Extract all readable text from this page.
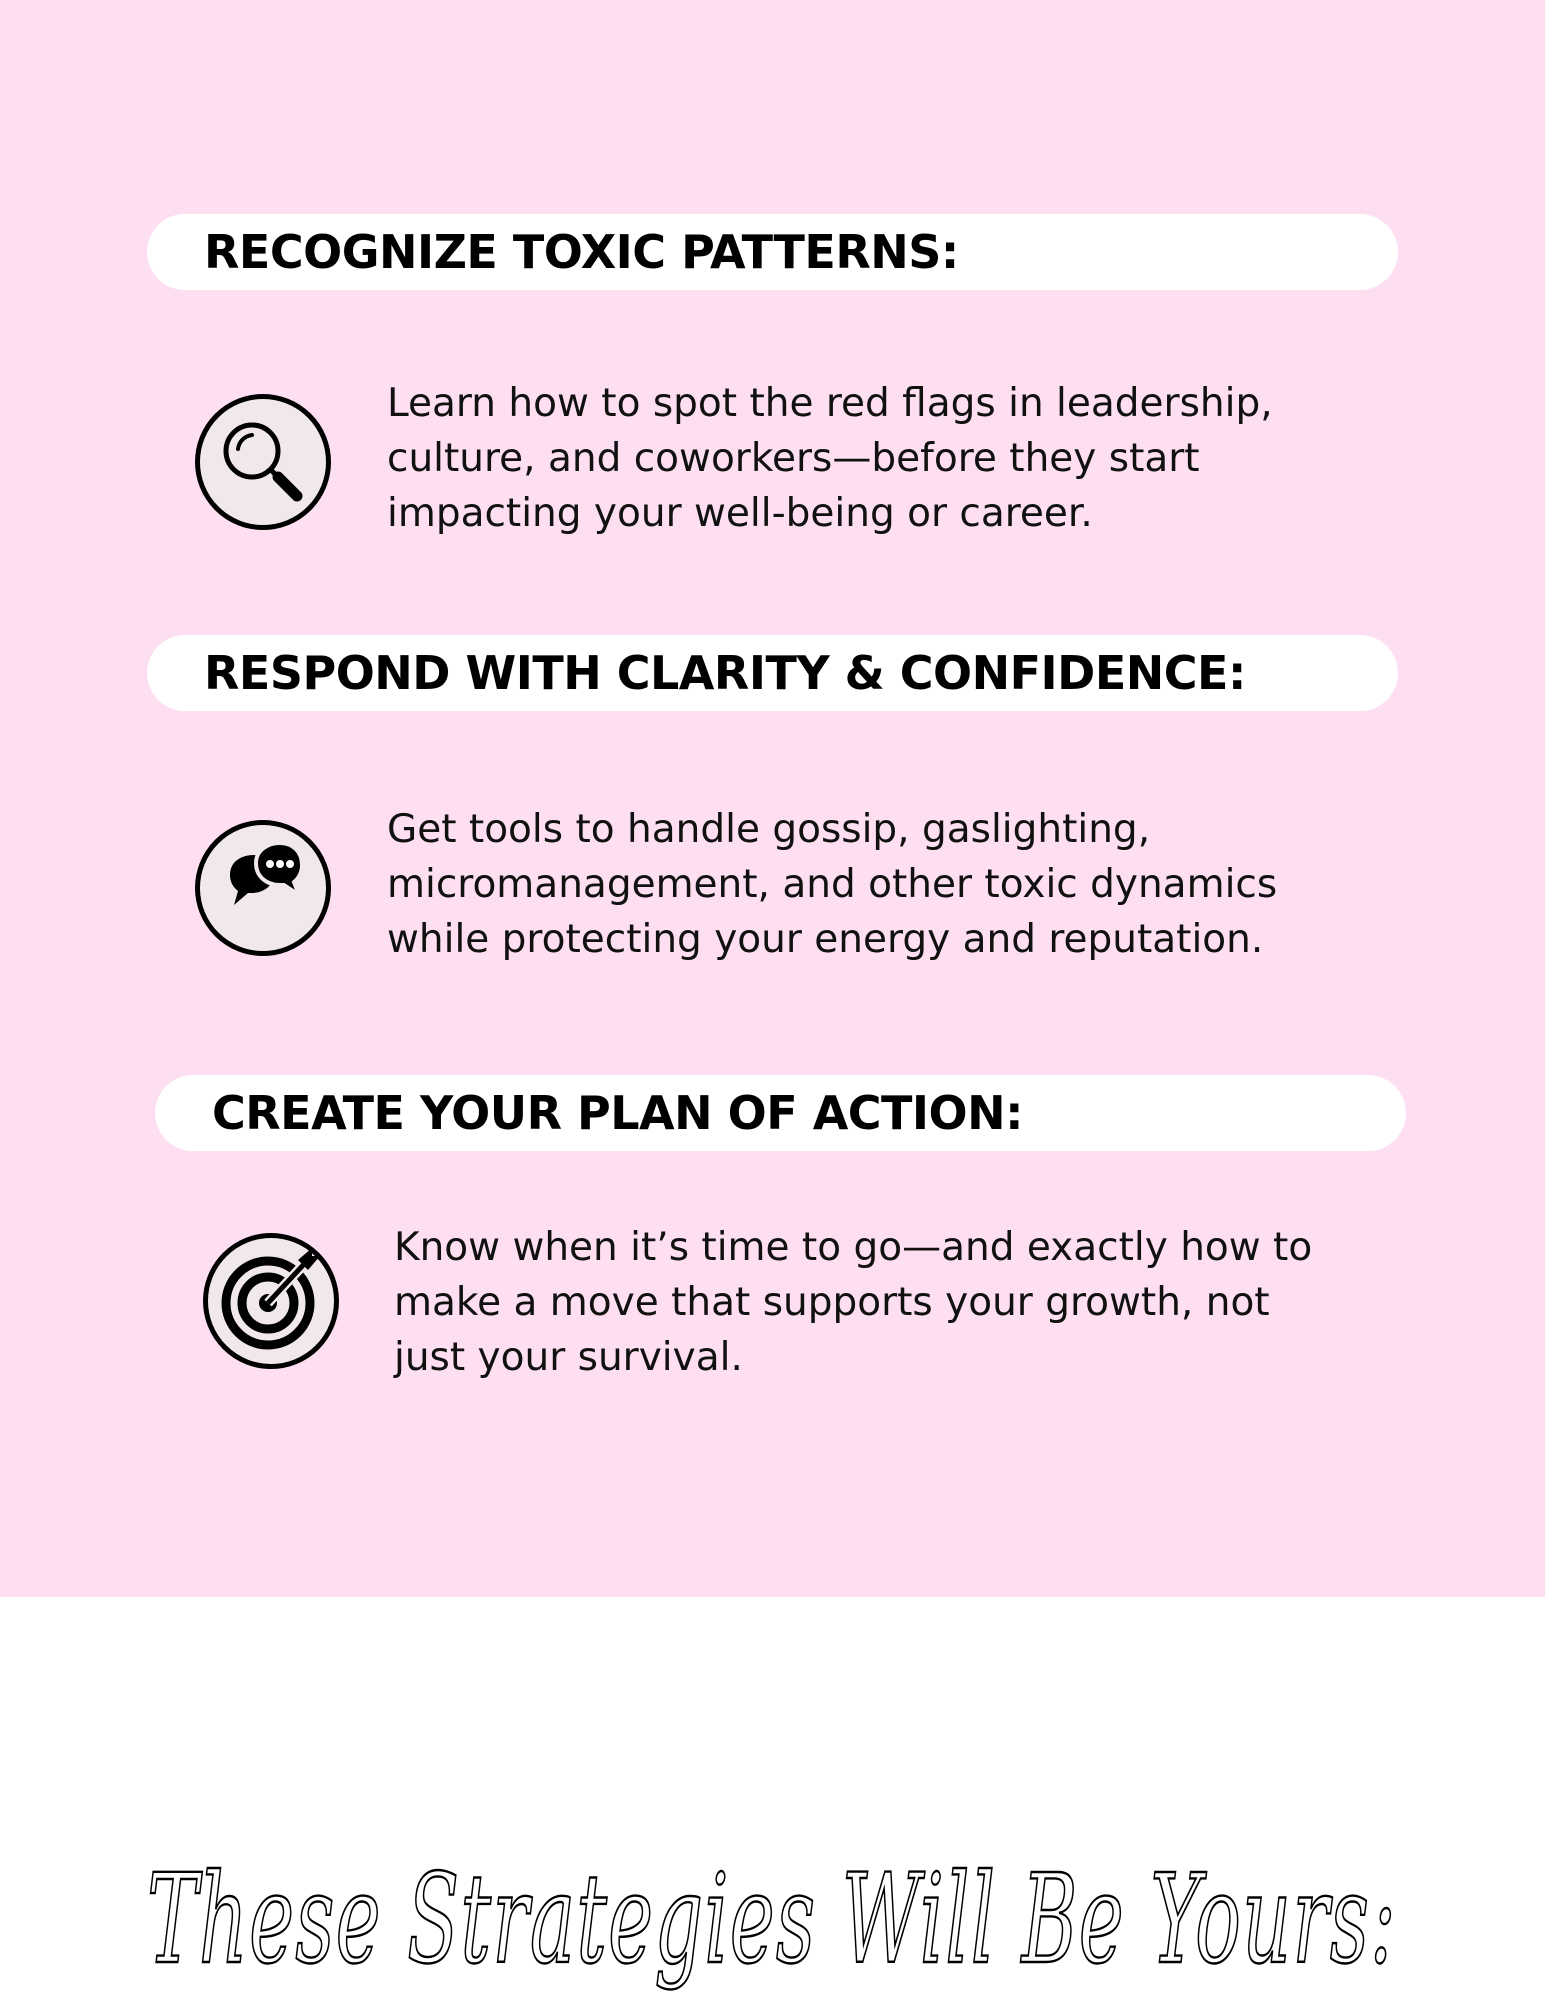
RECOGNIZE TOXIC PATTERNS:
Learn how to spot the red flags in leadership,
culture, and coworkers—before they start
impacting your well-being or career.
RESPOND WITH CLARITY & CONFIDENCE:
Get tools to handle gossip, gaslighting,
micromanagement, and other toxic dynamics
while protecting your energy and reputation.
CREATE YOUR PLAN OF ACTION:
Know when it’s time to go—and exactly how to
make a move that supports your growth, not
just your survival.
These Strategies Will Be Yours:
